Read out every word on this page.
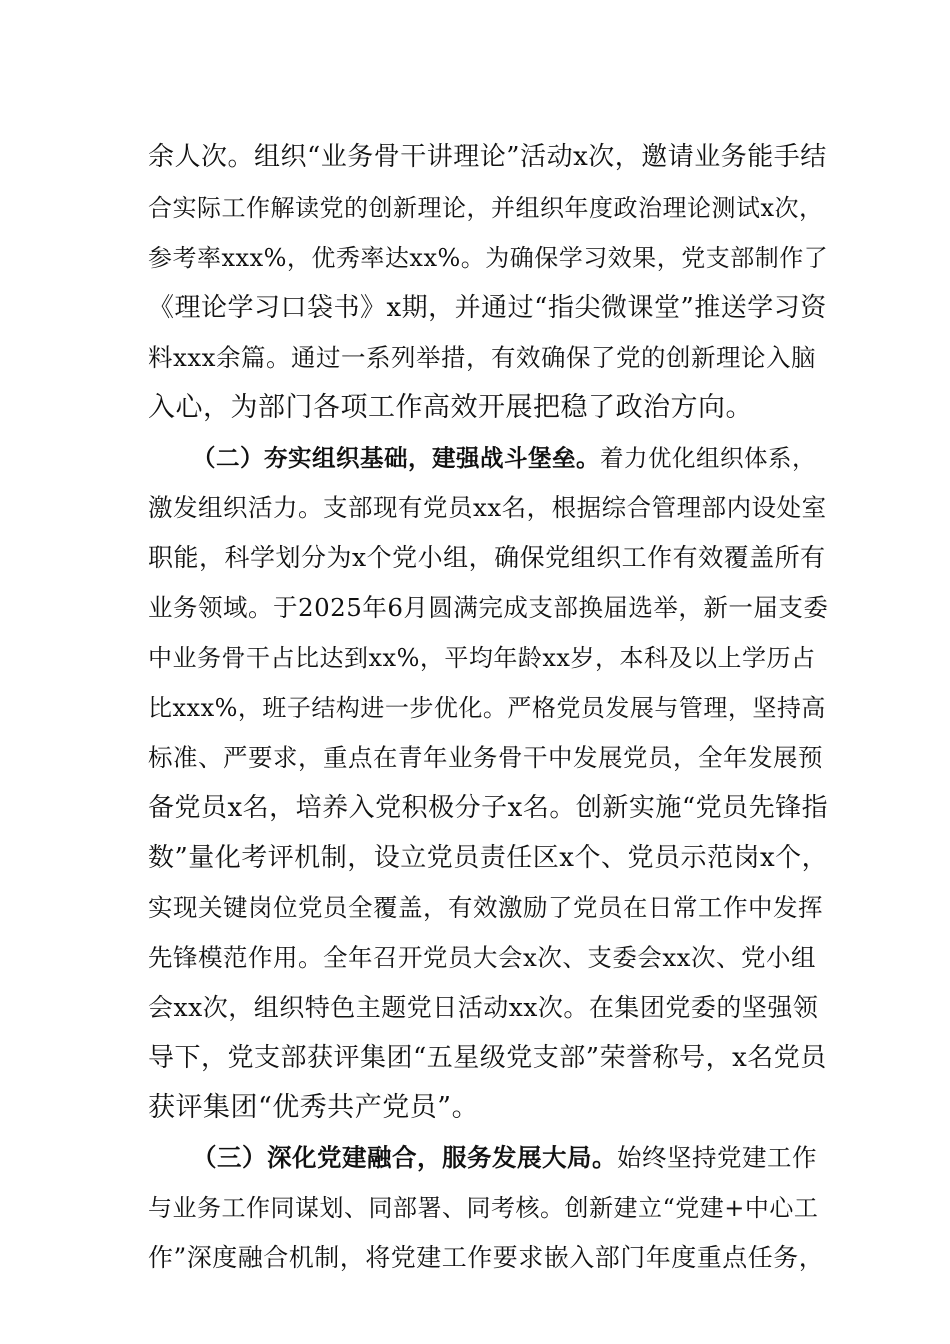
余人次。组织“业务骨干讲理论”活动x次，邀请业务能手结
合实际工作解读党的创新理论，并组织年度政治理论测试x次，
参考率xxx%，优秀率达xx%。为确保学习效果，党支部制作了
《理论学习口袋书》x期，并通过“指尖微课堂”推送学习资
料xxx余篇。通过一系列举措，有效确保了党的创新理论入脑
入心，为部门各项工作高效开展把稳了政治方向。
（二）夯实组织基础，建强战斗堡垒。着力优化组织体系，
激发组织活力。支部现有党员xx名，根据综合管理部内设处室
职能，科学划分为x个党小组，确保党组织工作有效覆盖所有
业务领域。于2025年6月圆满完成支部换届选举，新一届支委
中业务骨干占比达到xx%，平均年龄xx岁，本科及以上学历占
比xxx%，班子结构进一步优化。严格党员发展与管理，坚持高
标准、严要求，重点在青年业务骨干中发展党员，全年发展预
备党员x名，培养入党积极分子x名。创新实施“党员先锋指
数”量化考评机制，设立党员责任区x个、党员示范岗x个，
实现关键岗位党员全覆盖，有效激励了党员在日常工作中发挥
先锋模范作用。全年召开党员大会x次、支委会xx次、党小组
会xx次，组织特色主题党日活动xx次。在集团党委的坚强领
导下，党支部获评集团“五星级党支部”荣誉称号，x名党员
获评集团“优秀共产党员”。
（三）深化党建融合，服务发展大局。始终坚持党建工作
与业务工作同谋划、同部署、同考核。创新建立“党建+中心工
作”深度融合机制，将党建工作要求嵌入部门年度重点任务，
